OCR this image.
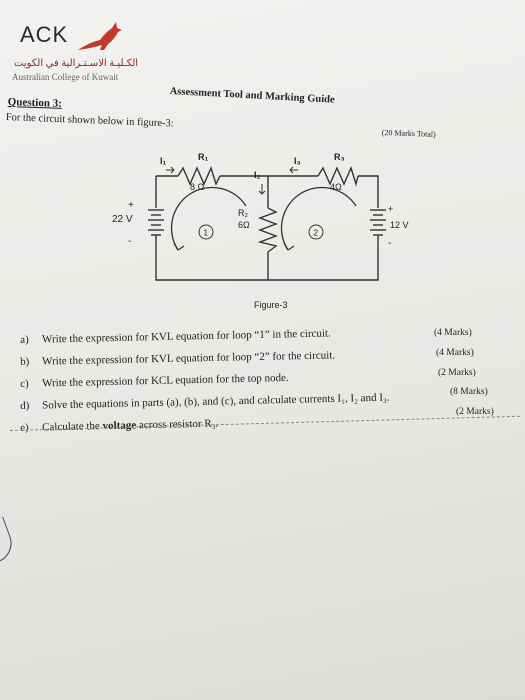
ACK
الكـليـة الاسـتـرالية في الكويت
Australian College of Kuwait
Assessment Tool and Marking Guide
Question 3:
For the circuit shown below in figure-3:
(20 Marks Total)
R₁
8 Ω
R₃
4Ω
R₂
6Ω
I₁
I₂
I₃
22 V	12 V
+
-
+
-
1	2
Figure-3
a) Write the expression for KVL equation for loop “1” in the circuit.	(4 Marks)
b) Write the expression for KVL equation for loop “2” for the circuit.	(4 Marks)
c) Write the expression for KCL equation for the top node.	(2 Marks)
d) Solve the equations in parts (a), (b), and (c), and calculate currents I₁, I₂ and I₃.	(8 Marks)
e) Calculate the voltage across resistor R₃.
(2 Marks)
